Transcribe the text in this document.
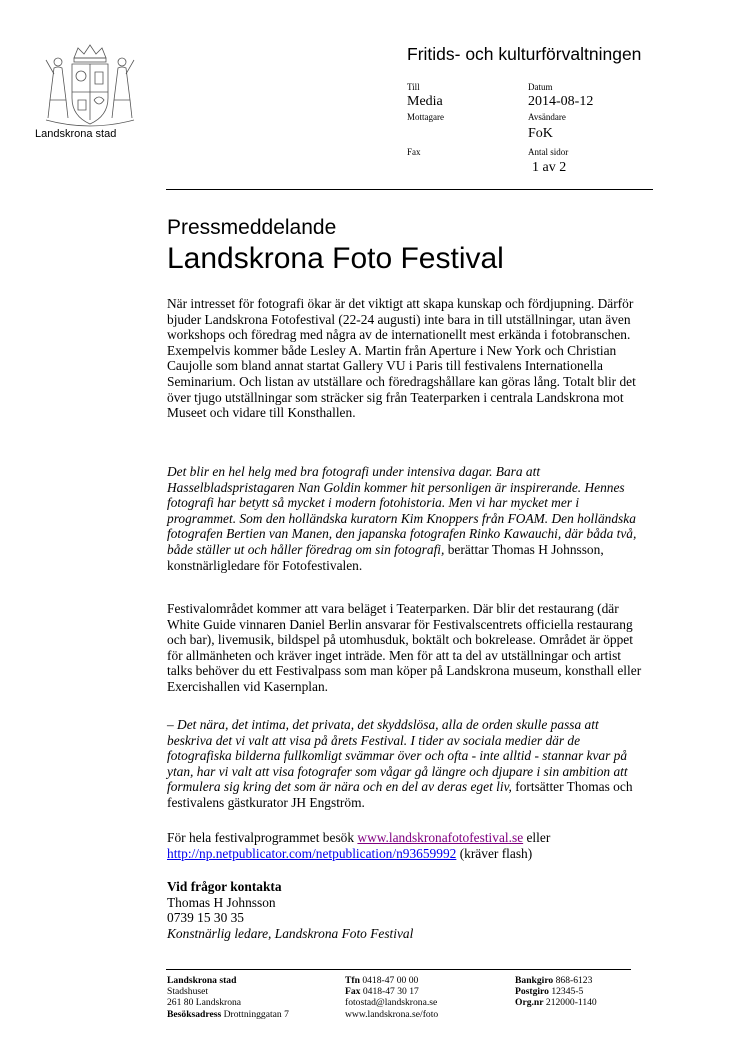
Landskrona stad
Fritids- och kulturförvaltningen
Till
Media
Mottagare
Fax
Datum
2014-08-12
Avsändare
FoK
Antal sidor
1 av 2
Pressmeddelande
Landskrona Foto Festival

När intresset för fotografi ökar är det viktigt att skapa kunskap och fördjupning. Därför bjuder Landskrona Fotofestival (22-24 augusti) inte bara in till utställningar, utan även workshops och föredrag med några av de internationellt mest erkända i fotobranschen. Exempelvis kommer både Lesley A. Martin från Aperture i New York och Christian Caujolle som bland annat startat Gallery VU i Paris till festivalens Internationella Seminarium. Och listan av utställare och föredragshållare kan göras lång. Totalt blir det över tjugo utställningar som sträcker sig från Teaterparken i centrala Landskrona mot Museet och vidare till Konsthallen.

Det blir en hel helg med bra fotografi under intensiva dagar. Bara att Hasselbladspristagaren Nan Goldin kommer hit personligen är inspirerande. Hennes fotografi har betytt så mycket i modern fotohistoria. Men vi har mycket mer i programmet. Som den holländska kuratorn Kim Knoppers från FOAM. Den holländska fotografen Bertien van Manen, den japanska fotografen Rinko Kawauchi, där båda två, både ställer ut och håller föredrag om sin fotografi, berättar Thomas H Johnsson, konstnärligledare för Fotofestivalen.

Festivalområdet kommer att vara beläget i Teaterparken. Där blir det restaurang (där White Guide vinnaren Daniel Berlin ansvarar för Festivalscentrets officiella restaurang och bar), livemusik, bildspel på utomhusduk, boktält och bokrelease. Området är öppet för allmänheten och kräver inget inträde. Men för att ta del av utställningar och artist talks behöver du ett Festivalpass som man köper på Landskrona museum, konsthall eller Exercishallen vid Kasernplan.

– Det nära, det intima, det privata, det skyddslösa, alla de orden skulle passa att beskriva det vi valt att visa på årets Festival. I tider av sociala medier där de fotografiska bilderna fullkomligt svämmar över och ofta - inte alltid - stannar kvar på ytan, har vi valt att visa fotografer som vågar gå längre och djupare i sin ambition att formulera sig kring det som är nära och en del av deras eget liv, fortsätter Thomas och festivalens gästkurator JH Engström.
För hela festivalprogrammet besök www.landskronafotofestival.se eller
http://np.netpublicator.com/netpublication/n93659992 (kräver flash)
Vid frågor kontakta
Thomas H Johnsson
0739 15 30 35
Konstnärlig ledare, Landskrona Foto Festival
Landskrona stad
Stadshuset
261 80 Landskrona
Besöksadress Drottninggatan 7
Tfn 0418-47 00 00
Fax 0418-47 30 17
fotostad@landskrona.se
www.landskrona.se/foto
Bankgiro 868-6123
Postgiro 12345-5
Org.nr 212000-1140
